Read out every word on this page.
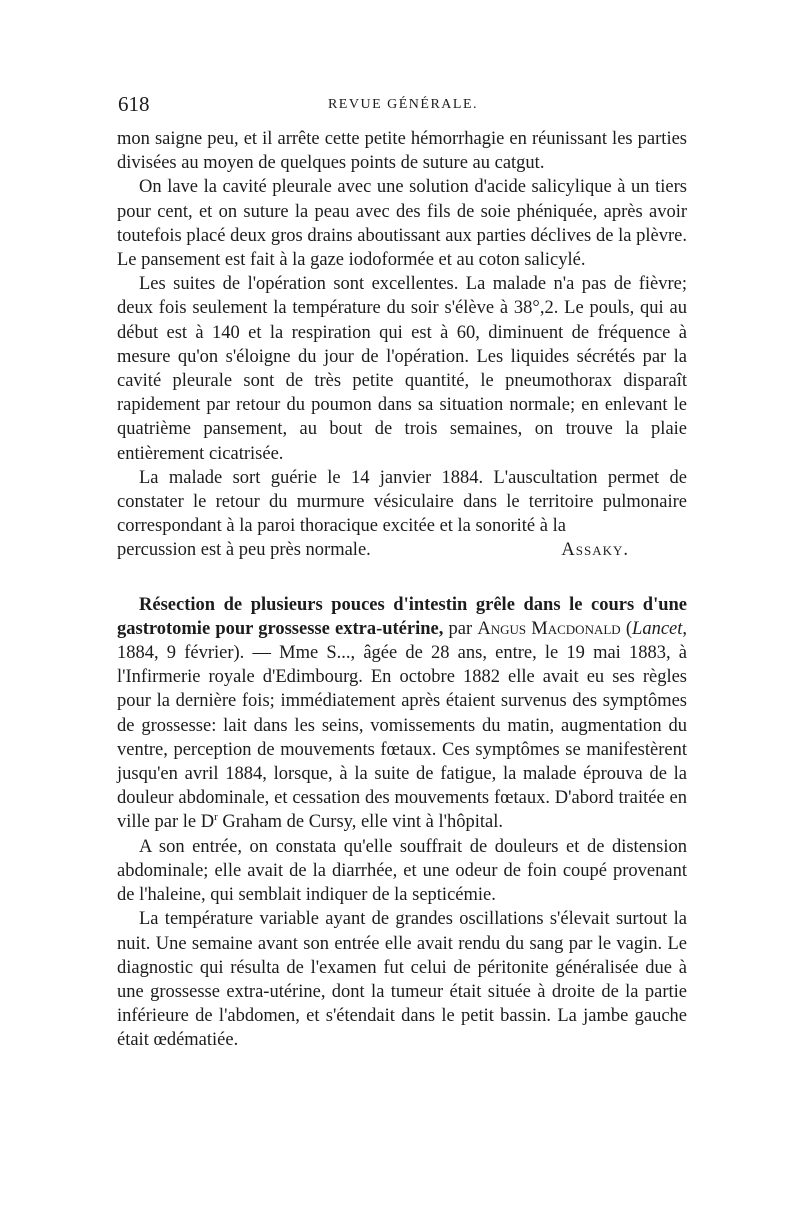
618	REVUE GÉNÉRALE.

mon saigne peu, et il arrête cette petite hémorrhagie en réunissant les parties divisées au moyen de quelques points de suture au catgut.

On lave la cavité pleurale avec une solution d'acide salicylique à un tiers pour cent, et on suture la peau avec des fils de soie phéniquée, après avoir toutefois placé deux gros drains aboutissant aux parties déclives de la plèvre. Le pansement est fait à la gaze iodoformée et au coton salicylé.

Les suites de l'opération sont excellentes. La malade n'a pas de fièvre; deux fois seulement la température du soir s'élève à 38°,2. Le pouls, qui au début est à 140 et la respiration qui est à 60, diminuent de fréquence à mesure qu'on s'éloigne du jour de l'opération. Les liquides sécrétés par la cavité pleurale sont de très petite quantité, le pneumothorax disparaît rapidement par retour du poumon dans sa situation normale; en enlevant le quatrième pansement, au bout de trois semaines, on trouve la plaie entièrement cicatrisée.

La malade sort guérie le 14 janvier 1884. L'auscultation permet de constater le retour du murmure vésiculaire dans le territoire pulmonaire correspondant à la paroi thoracique excitée et la sonorité à la

percussion est à peu près normale.	Assaky.

Résection de plusieurs pouces d'intestin grêle dans le cours d'une gastrotomie pour grossesse extra-utérine, par Angus Macdonald (Lancet, 1884, 9 février). — Mme S..., âgée de 28 ans, entre, le 19 mai 1883, à l'Infirmerie royale d'Edimbourg. En octobre 1882 elle avait eu ses règles pour la dernière fois; immédiatement après étaient survenus des symptômes de grossesse: lait dans les seins, vomissements du matin, augmentation du ventre, perception de mouvements fœtaux. Ces symptômes se manifestèrent jusqu'en avril 1884, lorsque, à la suite de fatigue, la malade éprouva de la douleur abdominale, et cessation des mouvements fœtaux. D'abord traitée en ville par le $D^r$ Graham de Cursy, elle vint à l'hôpital.

A son entrée, on constata qu'elle souffrait de douleurs et de distension abdominale; elle avait de la diarrhée, et une odeur de foin coupé provenant de l'haleine, qui semblait indiquer de la septicémie.

La température variable ayant de grandes oscillations s'élevait surtout la nuit. Une semaine avant son entrée elle avait rendu du sang par le vagin. Le diagnostic qui résulta de l'examen fut celui de péritonite généralisée due à une grossesse extra-utérine, dont la tumeur était située à droite de la partie inférieure de l'abdomen, et s'étendait dans le petit bassin. La jambe gauche était œdématiée.
